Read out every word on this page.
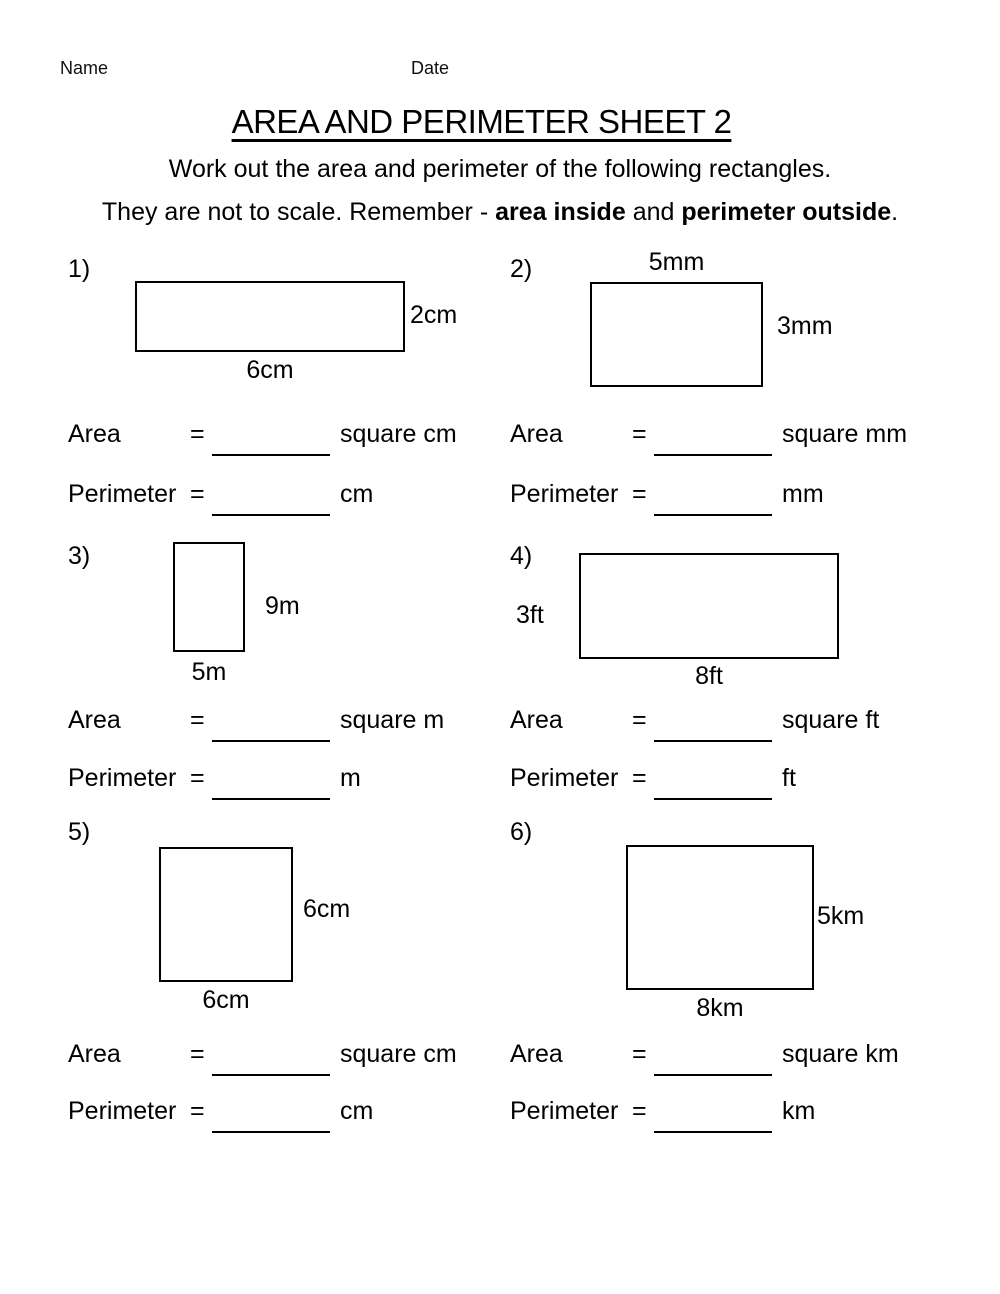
Name	Date
AREA AND PERIMETER SHEET 2
Work out the area and perimeter of the following rectangles.
They are not to scale. Remember - area inside and perimeter outside.
1)
2cm
6cm
Area	=	square cm
Perimeter =	cm
2)	5mm
3mm
Area	=	square mm
Perimeter =	mm
3)
9m
5m
Area	=	square m
Perimeter =	m
4)
3ft
8ft
Area	=	square ft
Perimeter =	ft
5)
6cm
6cm
Area	=	square cm
Perimeter =	cm
6)
5km
8km
Area	=	square km
Perimeter =	km
